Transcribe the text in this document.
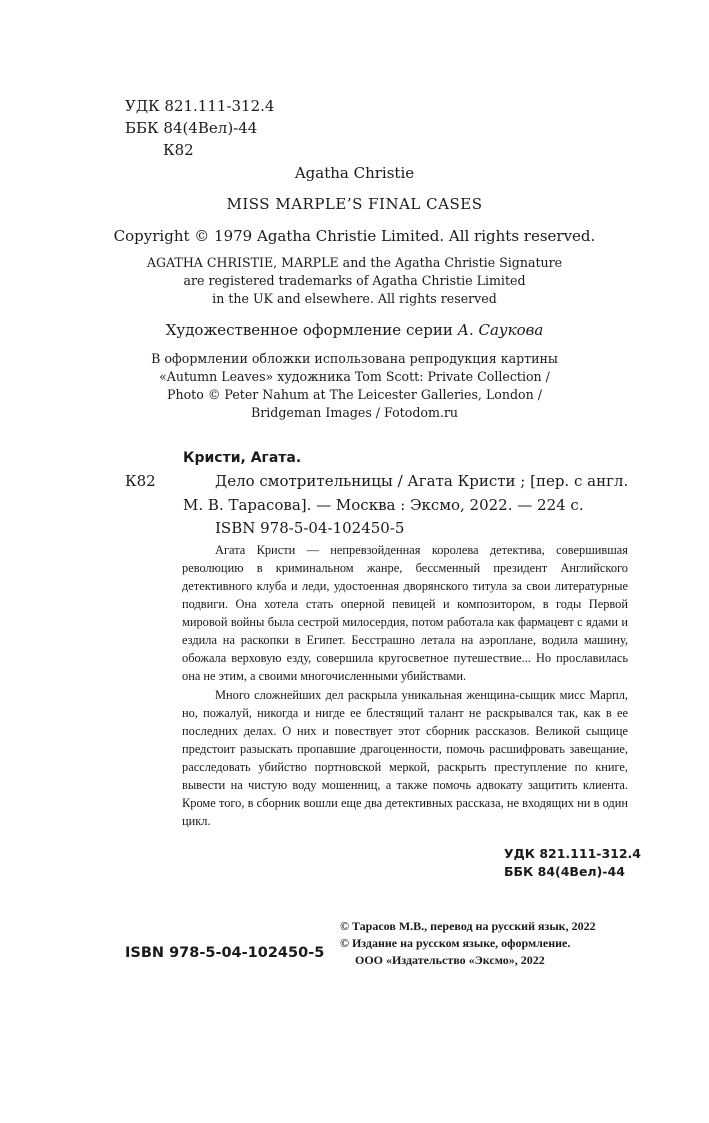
УДК 821.111-312.4
ББК 84(4Вел)-44
К82
Agatha Christie
MISS MARPLE’S FINAL CASES
Copyright © 1979 Agatha Christie Limited. All rights reserved.
AGATHA CHRISTIE, MARPLE and the Agatha Christie Signature
are registered trademarks of Agatha Christie Limited
in the UK and elsewhere. All rights reserved
Художественное оформление серии А. Саукова
В оформлении обложки использована репродукция картины
«Autumn Leaves» художника Tom Scott: Private Collection /
Photo © Peter Nahum at The Leicester Galleries, London /
Bridgeman Images / Fotodom.ru
Кристи, Агата.
К82	Дело смотрительницы / Агата Кристи ; [пер. с англ.
М. В. Тарасова]. — Москва : Эксмо, 2022. — 224 с.
ISBN 978-5-04-102450-5

Агата Кристи — непревзойденная королева детектива, совершившая революцию в криминальном жанре, бессменный президент Английского детективного клуба и леди, удостоенная дворянского титула за свои литературные подвиги. Она хотела стать оперной певицей и композитором, в годы Первой мировой войны была сестрой милосердия, потом работала как фармацевт с ядами и ездила на раскопки в Египет. Бесстрашно летала на аэроплане, водила машину, обожала верховую езду, совершила кругосветное путешествие... Но прославилась она не этим, а своими многочисленными убийствами.

Много сложнейших дел раскрыла уникальная женщина-сыщик мисс Марпл, но, пожалуй, никогда и нигде ее блестящий талант не раскрывался так, как в ее последних делах. О них и повествует этот сборник рассказов. Великой сыщице предстоит разыскать пропавшие драгоценности, помочь расшифровать завещание, расследовать убийство портновской меркой, раскрыть преступление по книге, вывести на чистую воду мошенниц, а также помочь адвокату защитить клиента. Кроме того, в сборник вошли еще два детективных рассказа, не входящих ни в один цикл.

УДК 821.111-312.4
ББК 84(4Вел)-44
ISBN 978-5-04-102450-5
© Тарасов М.В., перевод на русский язык, 2022
© Издание на русском языке, оформление.
ООО «Издательство «Эксмо», 2022
